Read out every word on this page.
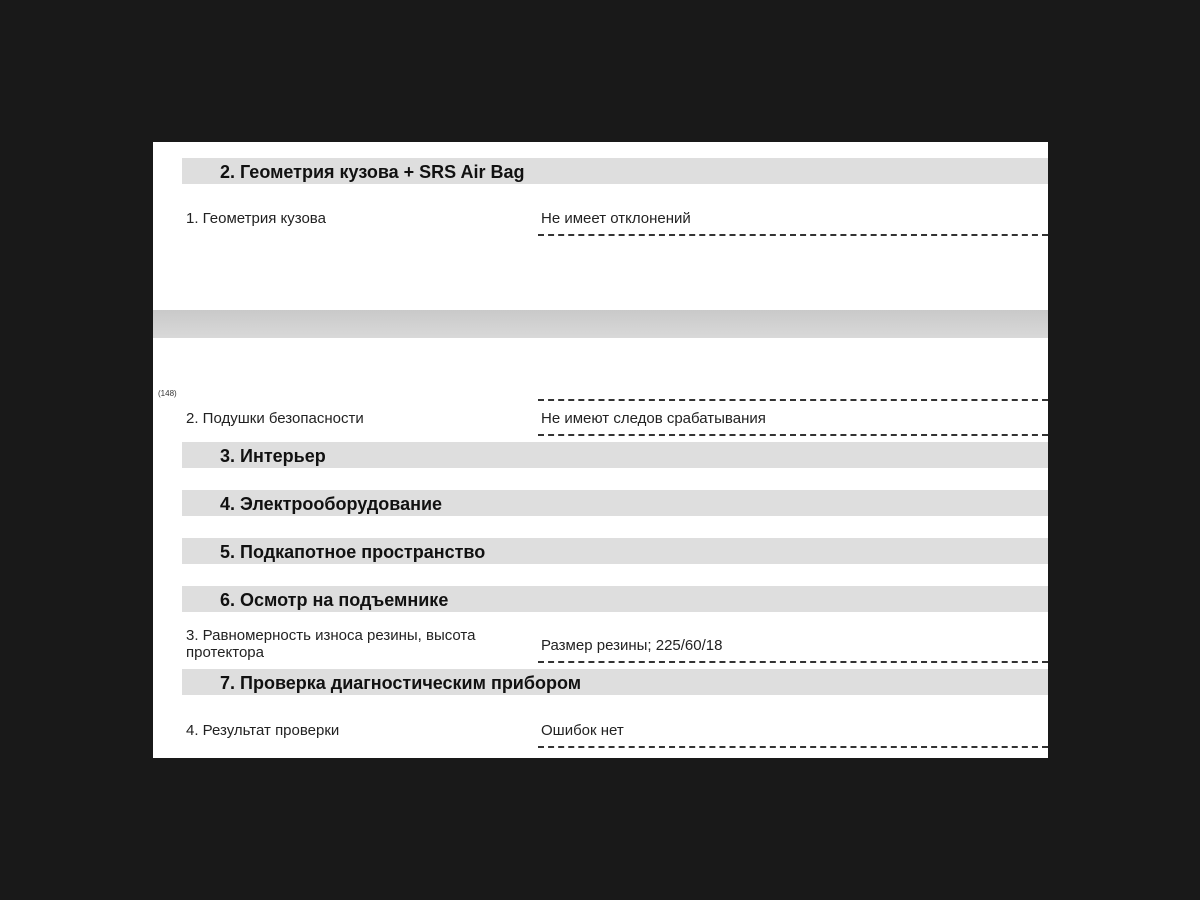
2. Геометрия кузова + SRS Air Bag
1. Геометрия кузова	Не имеет отклонений
(148)
2. Подушки безопасности	Не имеют следов срабатывания
3. Интерьер
4. Электрооборудование
5. Подкапотное пространство
6. Осмотр на подъемнике
3. Равномерность износа резины, высота протектора	Размер резины; 225/60/18
7. Проверка диагностическим прибором
4. Результат проверки	Ошибок нет
